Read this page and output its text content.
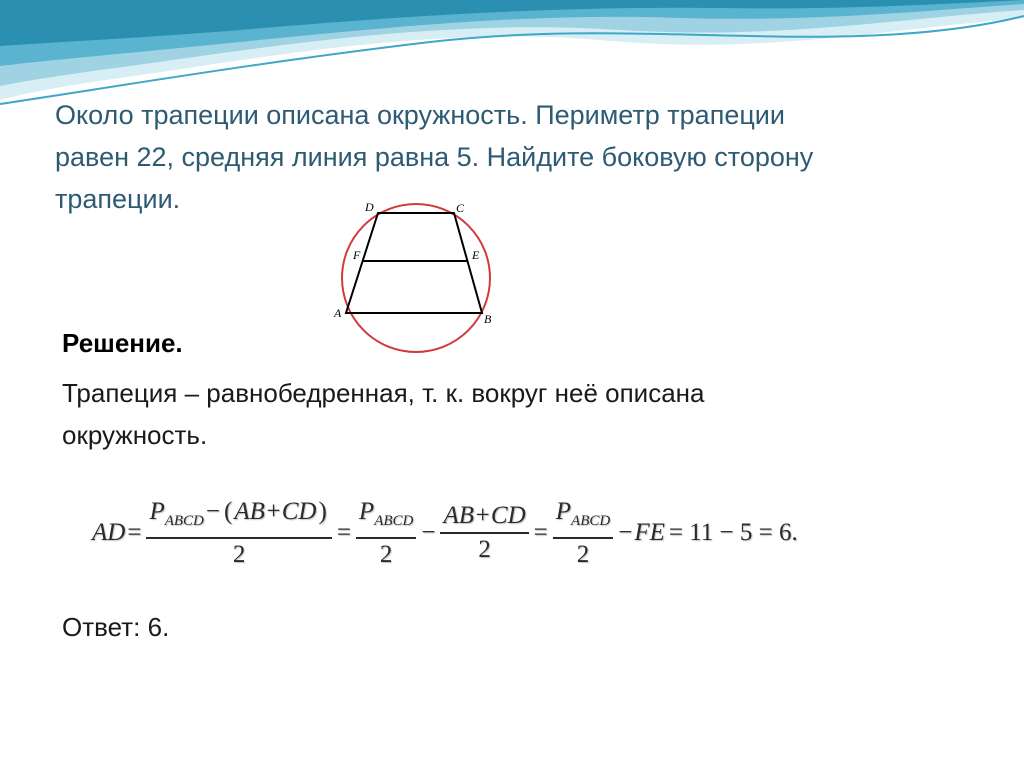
Около трапеции описана окружность. Периметр трапеции
равен 22, средняя линия равна 5. Найдите боковую сторону
трапеции.

A	B
C
D
E
F

Решение.

Трапеция – равнобедренная, т. к. вокруг неё описана
окружность.

AD = $\frac{P_{ABCD}- (AB+CD)}{2} = \frac{P_{ABCD}}{2} - \frac{AB+CD}{2} = \frac{P_{ABCD}}{2}$ − FE = 11 − 5 = 6.

Ответ: 6.
